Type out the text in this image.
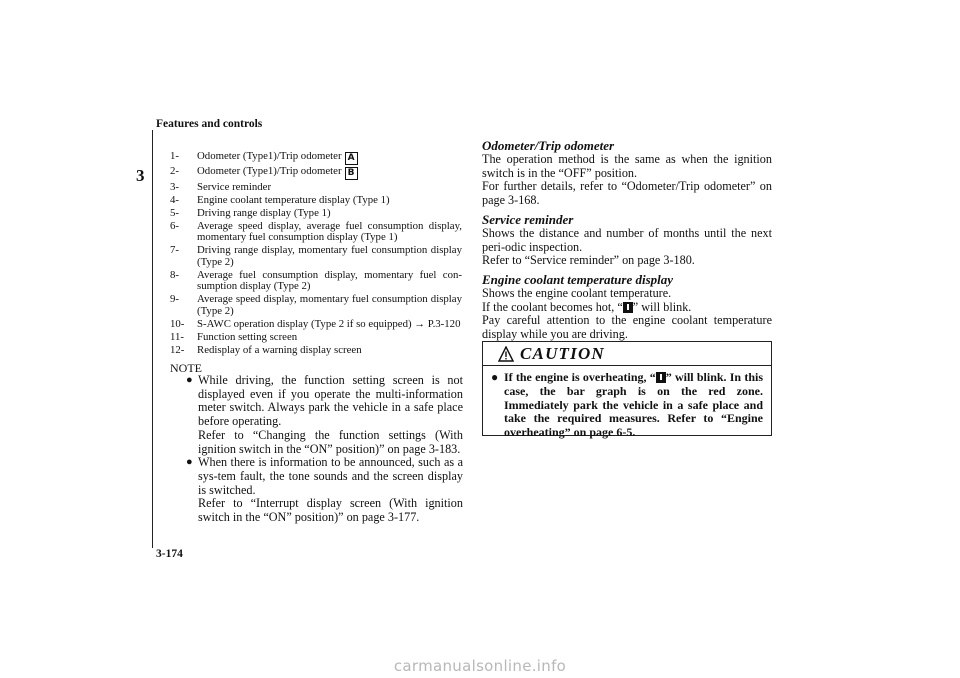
Features and controls
3
1-	Odometer (Type1)/Trip odometer A
2-	Odometer (Type1)/Trip odometer B
3-	Service reminder
4-	Engine coolant temperature display (Type 1)
5-	Driving range display (Type 1)
6-	Average speed display, average fuel consumption display, momentary fuel consumption display (Type 1)
7-	Driving range display, momentary fuel consumption display (Type 2)
8-	Average fuel consumption display, momentary fuel con-sumption display (Type 2)
9-	Average speed display, momentary fuel consumption display (Type 2)
10-	S-AWC operation display (Type 2 if so equipped) → P.3-120
11-	Function setting screen
12-	Redisplay of a warning display screen
NOTE
● While driving, the function setting screen is not displayed even if you operate the multi-information meter switch. Always park the vehicle in a safe place before operating.

Refer to “Changing the function settings (With ignition switch in the “ON” position)” on page 3-183.

● When there is information to be announced, such as a sys-tem fault, the tone sounds and the screen display is switched.

Refer to “Interrupt display screen (With ignition switch in the “ON” position)” on page 3-177.

Odometer/Trip odometer

The operation method is the same as when the ignition switch is in the “OFF” position.

For further details, refer to “Odometer/Trip odometer” on page 3-168.

Service reminder

Shows the distance and number of months until the next peri-odic inspection.

Refer to “Service reminder” on page 3-180.

Engine coolant temperature display

Shows the engine coolant temperature.

If the coolant becomes hot, “ ” will blink.

Pay careful attention to the engine coolant temperature display while you are driving.

CAUTION
● If the engine is overheating, “ ” will blink. In this case, the bar graph is on the red zone. Immediately park the vehicle in a safe place and take the required measures. Refer to “Engine overheating” on page 6-5.
3-174
carmanualsonline.info
